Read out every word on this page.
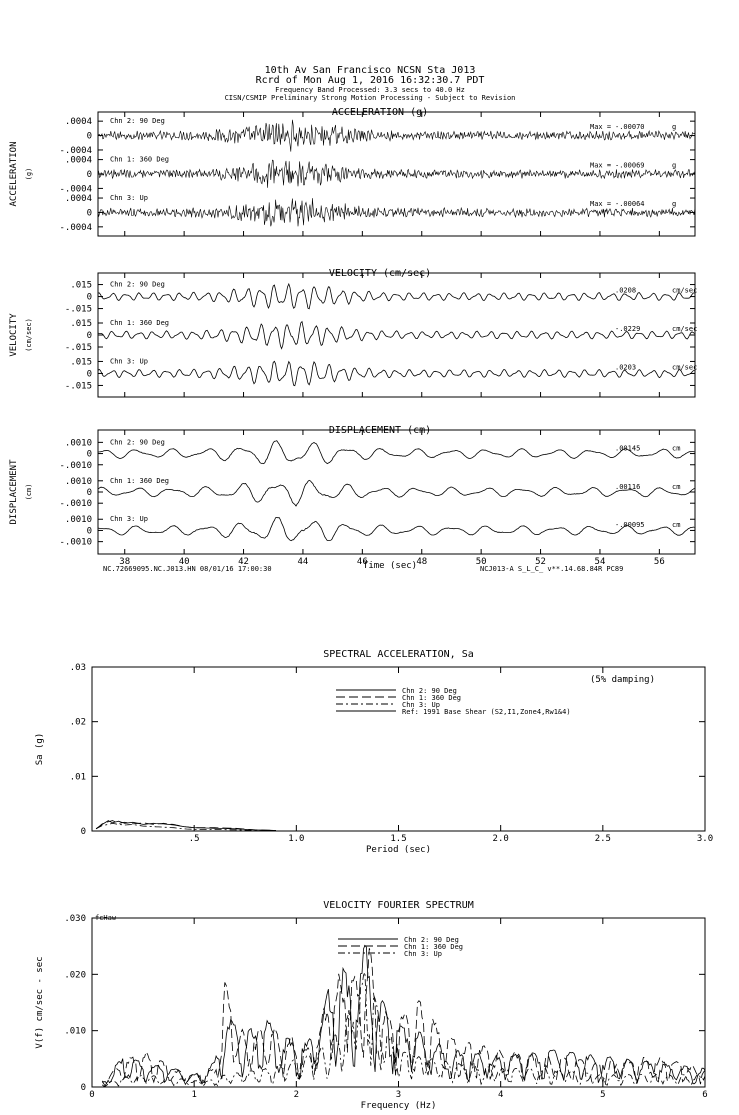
10th Av San Francisco NCSN Sta J013
Rcrd of Mon Aug 1, 2016 16:32:30.7 PDT
Frequency Band Processed: 3.3 secs to 40.0 Hz
CISN/CSMIP Preliminary Strong Motion Processing - Subject to Revision
ACCELERATION (g)
ACCELERATION (g)
.0004
0
-.0004
Chn 2: 90 Deg
Max = -.00070	g
.0004
0
-.0004
Chn 1: 360 Deg
Max = -.00069	g
.0004
0
-.0004
Chn 3: Up
Max = -.00064	g
VELOCITY (cm/sec)
VELOCITY (cm/sec)
.015
0
-.015
Chn 2: 90 Deg
.0208	cm/sec
.015
0
-.015
Chn 1: 360 Deg
-.0229	cm/sec
.015
0
-.015
Chn 3: Up
.0203	cm/sec
DISPLACEMENT (cm)
DISPLACEMENT (cm)
.0010
0
-.0010
Chn 2: 90 Deg
.00145	cm
.0010
0
-.0010
Chn 1: 360 Deg
.00116	cm
.0010
0
-.0010
Chn 3: Up
-.00095	cm
38	40	42	44	46	48	50	52	54	56
Time (sec)
NC.72669095.NC.J013.HN 08/01/16 17:00:30	NCJ013-A S_L_C_ v**.14.68.84R PC89
SPECTRAL ACCELERATION, Sa
.5	1.0	1.5	2.0	2.5	3.0
0
.01
.02
.03
Period (sec)
Sa (g)
(5% damping)
Chn 2: 90 Deg
Chn 1: 360 Deg
Chn 3: Up
Ref: 1991 Base Shear (S2,I1,Zone4,Rw1&4)
VELOCITY FOURIER SPECTRUM
0	1	2	3	4	5	6
0
.010
.020
.030
Frequency (Hz)
V(f) cm/sec - sec
fcHaw
Chn 2: 90 Deg
Chn 1: 360 Deg
Chn 3: Up
